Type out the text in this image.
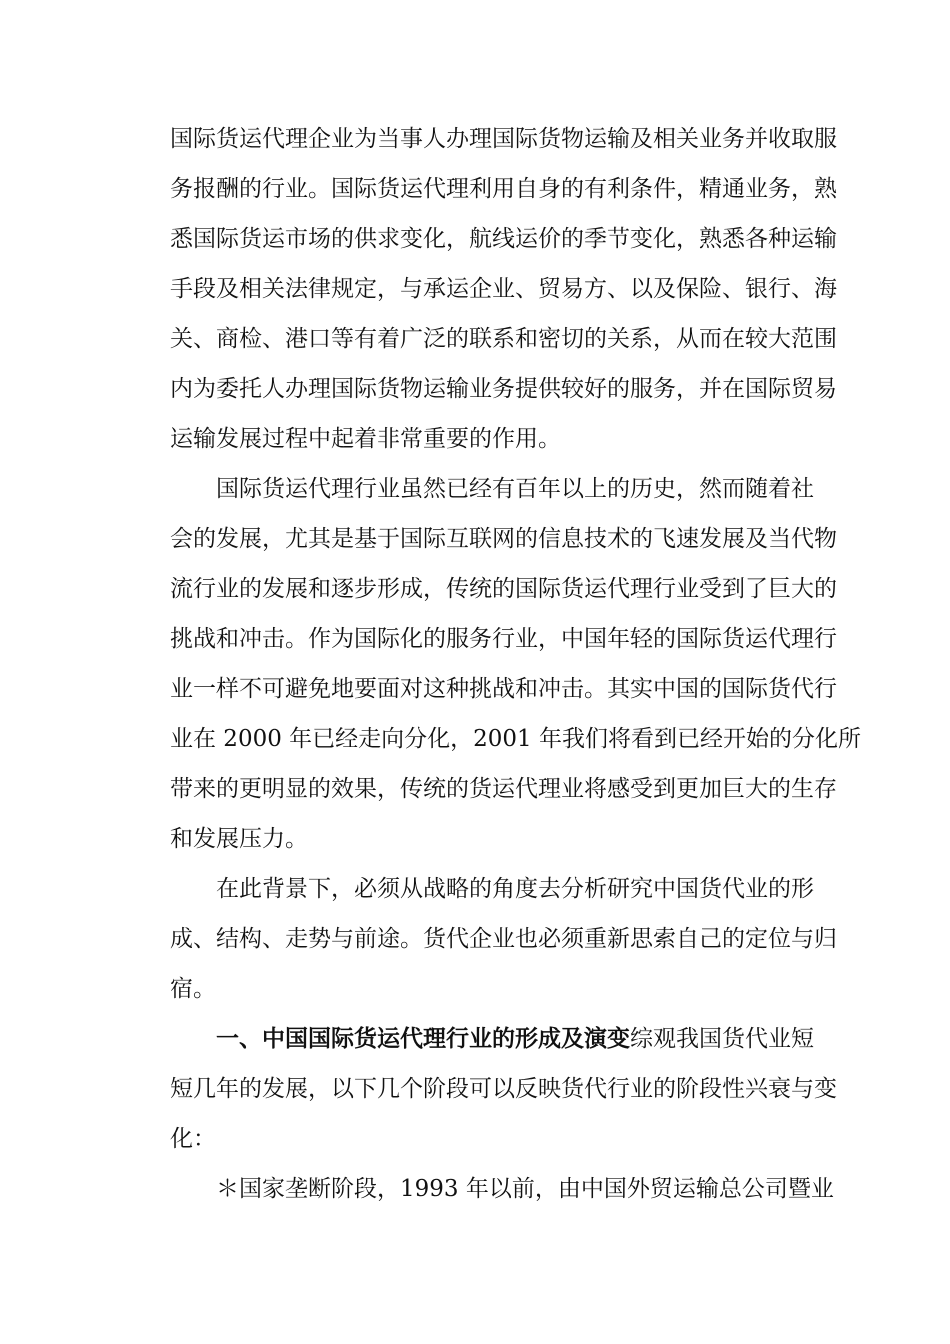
国际货运代理企业为当事人办理国际货物运输及相关业务并收取服
务报酬的行业。国际货运代理利用自身的有利条件，精通业务，熟
悉国际货运市场的供求变化，航线运价的季节变化，熟悉各种运输
手段及相关法律规定，与承运企业、贸易方、以及保险、银行、海
关、商检、港口等有着广泛的联系和密切的关系，从而在较大范围
内为委托人办理国际货物运输业务提供较好的服务，并在国际贸易
运输发展过程中起着非常重要的作用。
国际货运代理行业虽然已经有百年以上的历史，然而随着社
会的发展，尤其是基于国际互联网的信息技术的飞速发展及当代物
流行业的发展和逐步形成，传统的国际货运代理行业受到了巨大的
挑战和冲击。作为国际化的服务行业，中国年轻的国际货运代理行
业一样不可避免地要面对这种挑战和冲击。其实中国的国际货代行
业在 2000 年已经走向分化，2001 年我们将看到已经开始的分化所
带来的更明显的效果，传统的货运代理业将感受到更加巨大的生存
和发展压力。
在此背景下，必须从战略的角度去分析研究中国货代业的形
成、结构、走势与前途。货代企业也必须重新思索自己的定位与归
宿。
一、中国国际货运代理行业的形成及演变综观我国货代业短
短几年的发展，以下几个阶段可以反映货代行业的阶段性兴衰与变
化：
＊国家垄断阶段，1993 年以前，由中国外贸运输总公司暨业
